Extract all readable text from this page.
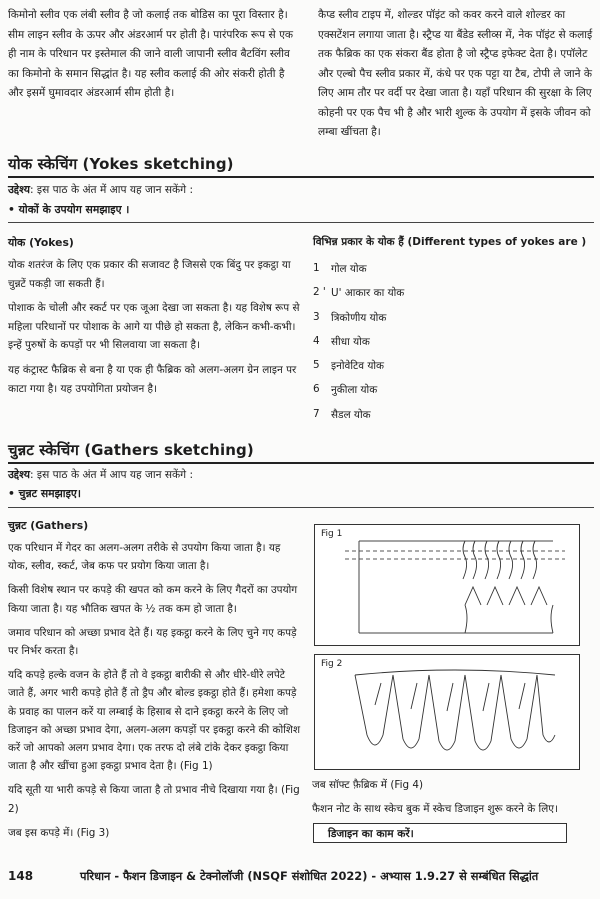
किमोनो स्लीव एक लंबी स्लीव है जो कलाई तक बोडिस का पूरा विस्तार है। सीम लाइन स्लीव के ऊपर और अंडरआर्म पर होती है। पारंपरिक रूप से एक ही नाम के परिधान पर इस्तेमाल की जाने वाली जापानी स्लीव बैटविंग स्लीव का किमोनो के समान सिद्धांत है। यह स्लीव कलाई की ओर संकरी होती है और इसमें घुमावदार अंडरआर्म सीम होती है।

कैप्ड स्लीव टाइप में, शोल्डर पॉइंट को कवर करने वाले शोल्डर का एक्सटेंशन लगाया जाता है। स्ट्रैप्ड या बैंडेड स्लीव्स में, नेक पॉइंट से कलाई तक फैब्रिक का एक संकरा बैंड होता है जो स्ट्रैप्ड इफेक्ट देता है। एपॉलेट और एल्बो पैच स्लीव प्रकार में, कंधे पर एक पट्टा या टैब, टोपी ले जाने के लिए आम तौर पर वर्दी पर देखा जाता है। यहाँ परिधान की सुरक्षा के लिए कोहनी पर एक पैच भी है और भारी शुल्क के उपयोग में इसके जीवन को लम्बा खींचता है।

योक स्केचिंग (Yokes sketching)
उद्देश्य: इस पाठ के अंत में आप यह जान सकेंगे :
• योकों के उपयोग समझाइए ।
योक (Yokes)

योक शतरंज के लिए एक प्रकार की सजावट है जिससे एक बिंदु पर इकट्ठा या चुन्नटें पकड़ी जा सकती हैं।

पोशाक के चोली और स्कर्ट पर एक जूआ देखा जा सकता है। यह विशेष रूप से महिला परिधानों पर पोशाक के आगे या पीछे हो सकता है, लेकिन कभी-कभी। इन्हें पुरुषों के कपड़ों पर भी सिलवाया जा सकता है।

यह कंट्रास्ट फैब्रिक से बना है या एक ही फैब्रिक को अलग-अलग ग्रेन लाइन पर काटा गया है। यह उपयोगिता प्रयोजन है।

विभिन्न प्रकार के योक हैं (Different types of yokes are )
1	गोल योक
2 ' U' आकार का योक
3	त्रिकोणीय योक
4	सीधा योक
5	इनोवेटिव योक
6	नुकीला योक
7	सैडल योक
चुन्नट स्केचिंग (Gathers sketching)
उद्देश्य: इस पाठ के अंत में आप यह जान सकेंगे :
• चुन्नट समझाइए।
चुन्नट (Gathers)

एक परिधान में गेदर का अलग-अलग तरीके से उपयोग किया जाता है। यह योक, स्लीव, स्कर्ट, जेब कफ पर प्रयोग किया जाता है।

किसी विशेष स्थान पर कपड़े की खपत को कम करने के लिए गैदरों का उपयोग किया जाता है। यह भौतिक खपत के ½ तक कम हो जाता है।

जमाव परिधान को अच्छा प्रभाव देते हैं। यह इकट्ठा करने के लिए चुने गए कपड़े पर निर्भर करता है।

यदि कपड़े हल्के वजन के होते हैं तो वे इकट्ठा बारीकी से और धीरे-धीरे लपेटे जाते हैं, अगर भारी कपड़े होते हैं तो ड्रैप और बोल्ड इकट्ठा होते हैं। हमेशा कपड़े के प्रवाह का पालन करें या लम्बाई के हिसाब से दाने इकट्ठा करने के लिए जो डिजाइन को अच्छा प्रभाव देगा, अलग-अलग कपड़ों पर इकट्ठा करने की कोशिश करें जो आपको अलग प्रभाव देगा। एक तरफ दो लंबे टांके देकर इकट्ठा किया जाता है और खींचा हुआ इकट्ठा प्रभाव देता है। (Fig 1)

यदि सूती या भारी कपड़े से किया जाता है तो प्रभाव नीचे दिखाया गया है। (Fig 2)

जब इस कपड़े में। (Fig 3)

Fig 1
Fig 2

जब सॉफ्ट फ़ैब्रिक में (Fig 4)

फैशन नोट के साथ स्केच बुक में स्केच डिजाइन शुरू करने के लिए।

डिजाइन का काम करें।
148	परिधान - फैशन डिजाइन & टेक्नोलॉजी (NSQF संशोधित 2022) - अभ्यास 1.9.27 से सम्बंधित सिद्धांत
